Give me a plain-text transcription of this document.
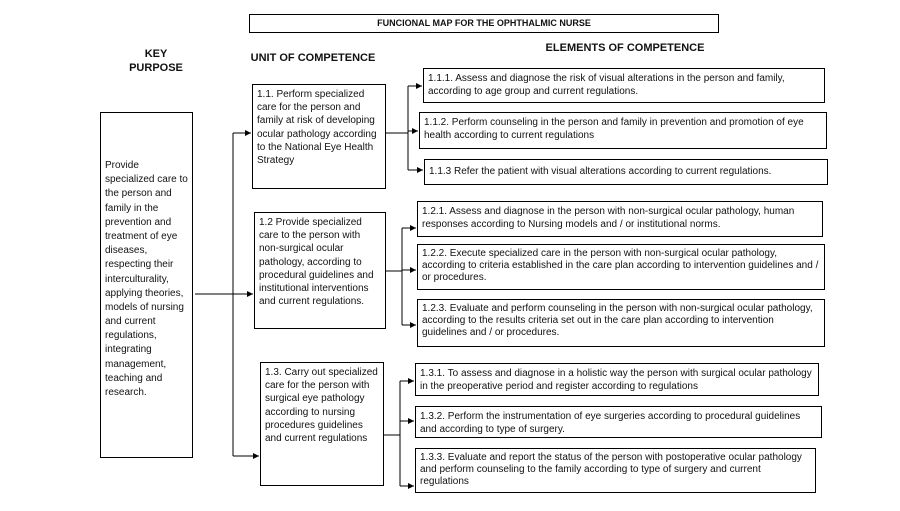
FUNCIONAL MAP FOR THE OPHTHALMIC NURSE
KEY
PURPOSE
UNIT OF COMPETENCE
ELEMENTS OF COMPETENCE
Provide specialized care to the person and family in the prevention and treatment of eye diseases, respecting their interculturality, applying theories, models of nursing and current regulations, integrating management, teaching and research.
1.1. Perform specialized care for the person and family at risk of developing ocular pathology according to the National Eye Health Strategy
1.2 Provide specialized care to the person with non-surgical ocular pathology, according to procedural guidelines and institutional interventions and current regulations.
1.3. Carry out specialized care for the person with surgical eye pathology according to nursing procedures guidelines and current regulations
1.1.1. Assess and diagnose the risk of visual alterations in the person and family, according to age group and current regulations.
1.1.2. Perform counseling in the person and family in prevention and promotion of eye health according to current regulations
1.1.3 Refer the patient with visual alterations according to current regulations.
1.2.1. Assess and diagnose in the person with non-surgical ocular pathology, human responses according to Nursing models and / or institutional norms.
1.2.2. Execute specialized care in the person with non-surgical ocular pathology, according to criteria established in the care plan according to intervention guidelines and / or procedures.
1.2.3. Evaluate and perform counseling in the person with non-surgical ocular pathology, according to the results criteria set out in the care plan according to intervention guidelines and / or procedures.
1.3.1. To assess and diagnose in a holistic way the person with surgical ocular pathology in the preoperative period and register according to regulations
1.3.2. Perform the instrumentation of eye surgeries according to procedural guidelines and according to type of surgery.
1.3.3. Evaluate and report the status of the person with postoperative ocular pathology and perform counseling to the family according to type of surgery and current regulations
